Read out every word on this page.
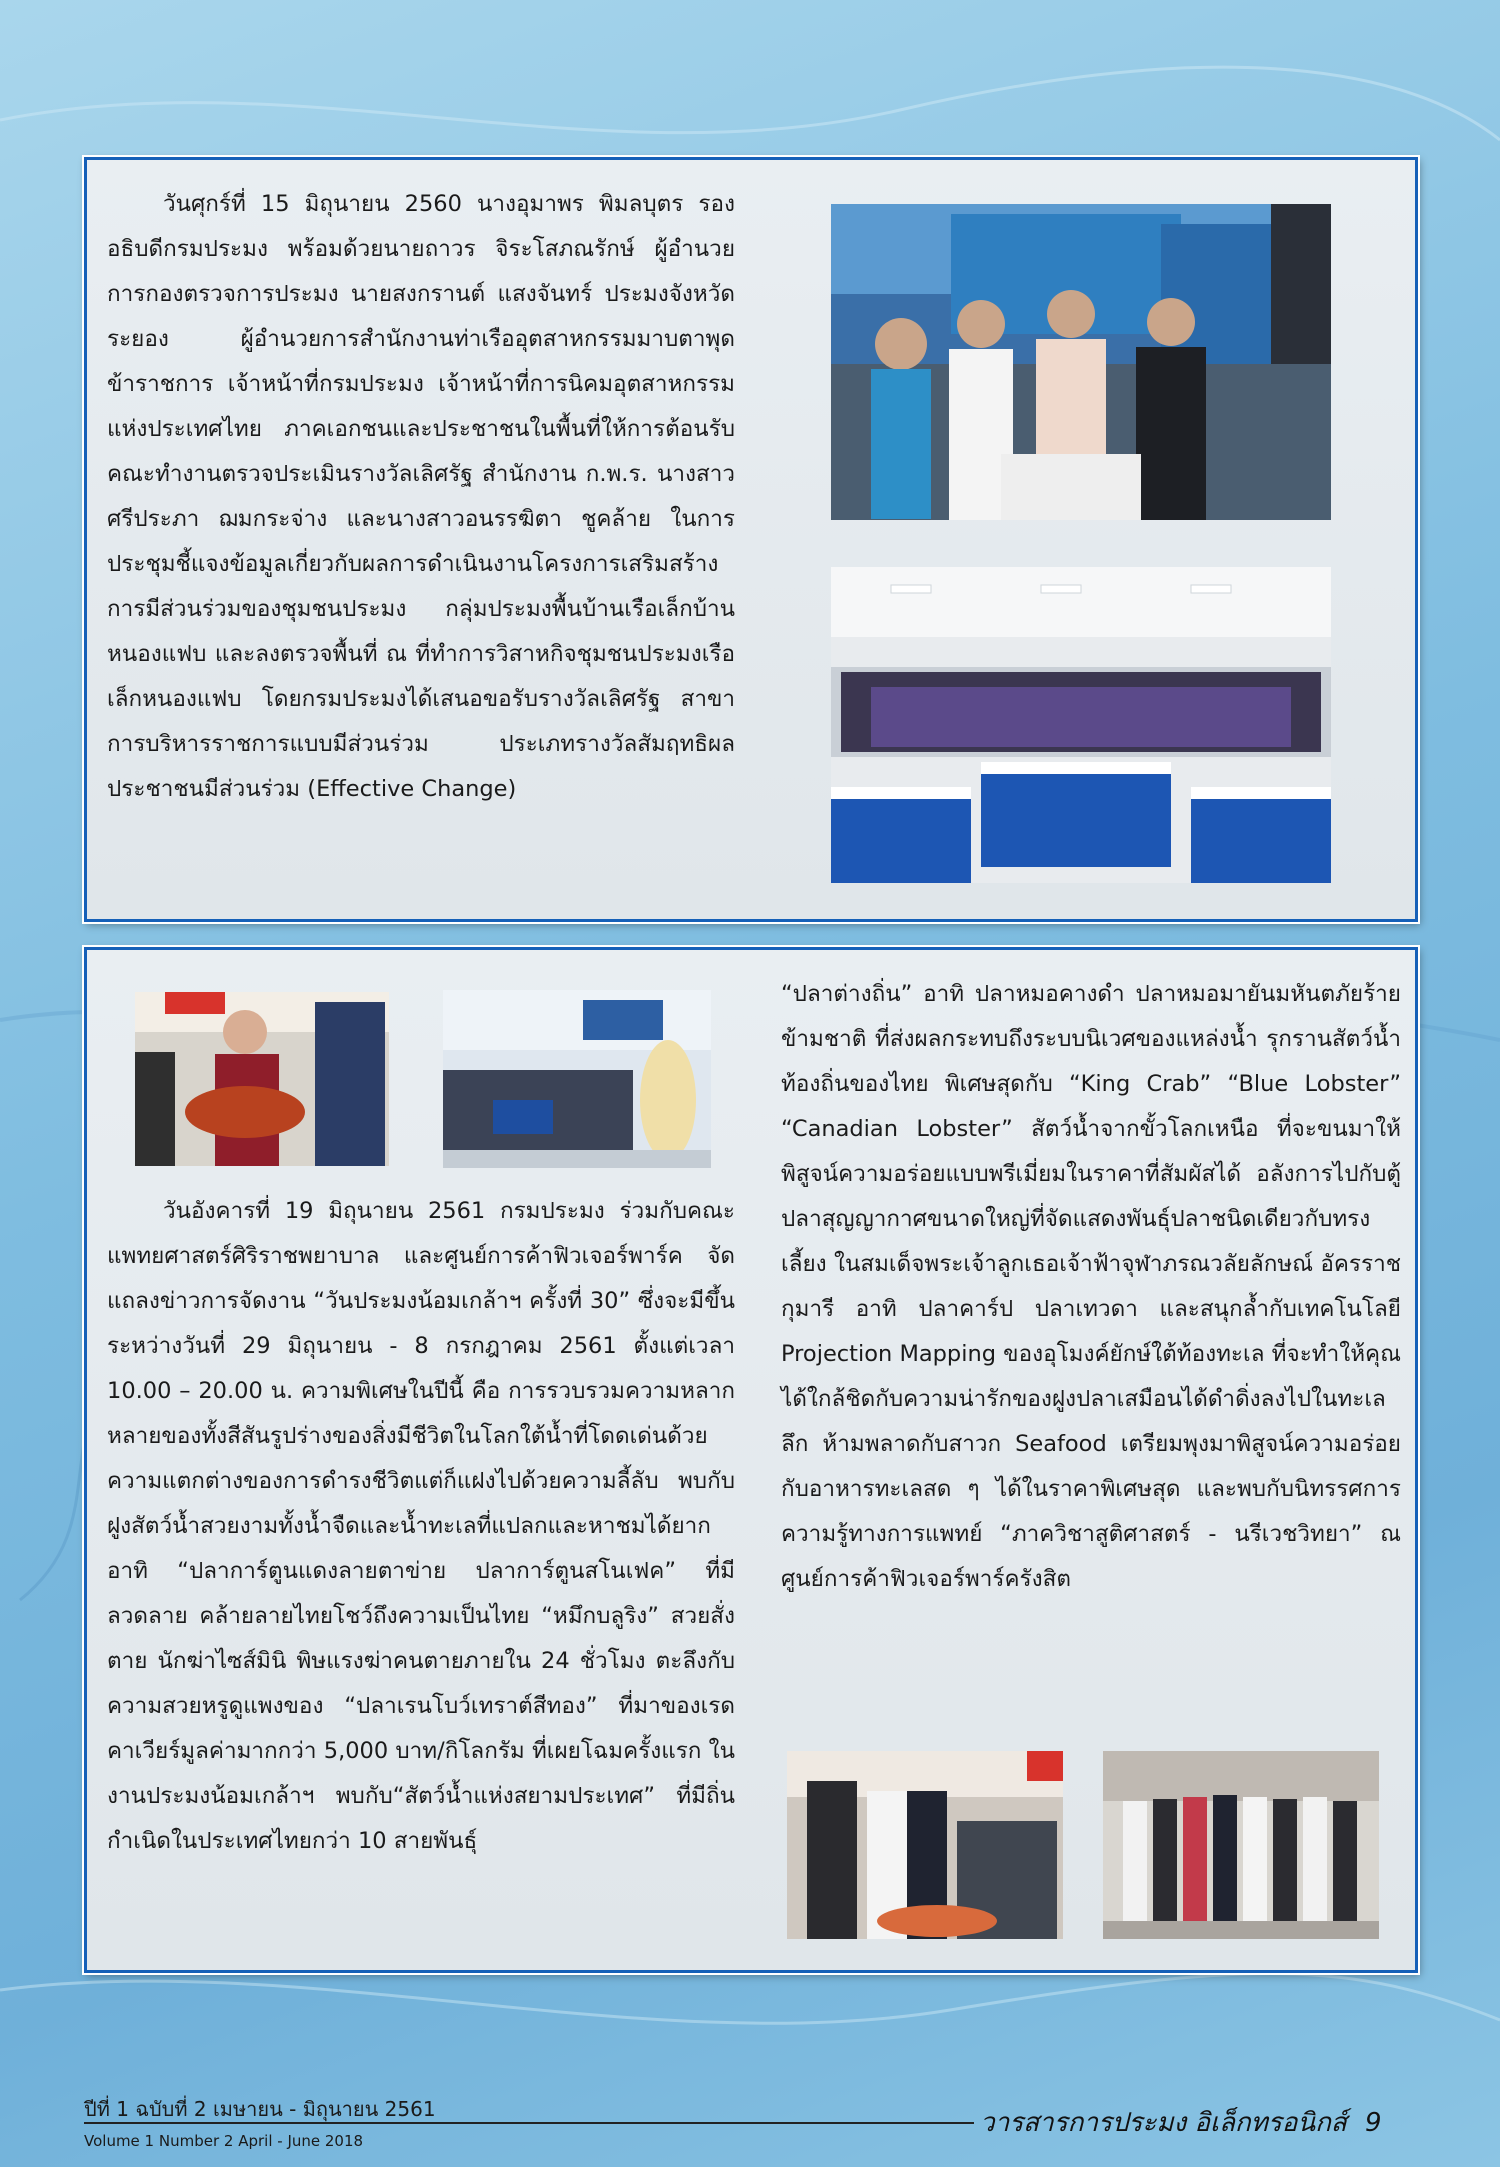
วันศุกร์ที่ 15 มิถุนายน 2560 นางอุมาพร พิมลบุตร รองอธิบดีกรมประมง พร้อมด้วยนายถาวร จิระโสภณรักษ์ ผู้อำนวยการกองตรวจการประมง นายสงกรานต์ แสงจันทร์ ประมงจังหวัดระยอง ผู้อำนวยการสำนักงานท่าเรืออุตสาหกรรมมาบตาพุด ข้าราชการ เจ้าหน้าที่กรมประมง เจ้าหน้าที่การนิคมอุตสาหกรรมแห่งประเทศไทย ภาคเอกชนและประชาชนในพื้นที่ให้การต้อนรับ คณะทำงานตรวจประเมินรางวัลเลิศรัฐ สำนักงาน ก.พ.ร. นางสาวศรีประภา ฌมกระจ่าง และนางสาวอนรรฆิตา ชูคล้าย ในการประชุมชี้แจงข้อมูลเกี่ยวกับผลการดำเนินงานโครงการเสริมสร้างการมีส่วนร่วมของชุมชนประมง กลุ่มประมงพื้นบ้านเรือเล็กบ้านหนองแฟบ และลงตรวจพื้นที่ ณ ที่ทำการวิสาหกิจชุมชนประมงเรือเล็กหนองแฟบ โดยกรมประมงได้เสนอขอรับรางวัลเลิศรัฐ สาขาการบริหารราชการแบบมีส่วนร่วม ประเภทรางวัลสัมฤทธิผลประชาชนมีส่วนร่วม (Effective Change)

วันอังคารที่ 19 มิถุนายน 2561 กรมประมง ร่วมกับคณะแพทยศาสตร์ศิริราชพยาบาล และศูนย์การค้าฟิวเจอร์พาร์ค จัดแถลงข่าวการจัดงาน “วันประมงน้อมเกล้าฯ ครั้งที่ 30” ซึ่งจะมีขึ้นระหว่างวันที่ 29 มิถุนายน - 8 กรกฎาคม 2561 ตั้งแต่เวลา 10.00 – 20.00 น. ความพิเศษในปีนี้ คือ การรวบรวมความหลากหลายของทั้งสีสันรูปร่างของสิ่งมีชีวิตในโลกใต้น้ำที่โดดเด่นด้วยความแตกต่างของการดำรงชีวิตแต่ก็แฝงไปด้วยความลี้ลับ พบกับฝูงสัตว์น้ำสวยงามทั้งน้ำจืดและน้ำทะเลที่แปลกและหาชมได้ยาก อาทิ “ปลาการ์ตูนแดงลายตาข่าย ปลาการ์ตูนสโนเฟค” ที่มีลวดลาย คล้ายลายไทยโชว์ถึงความเป็นไทย “หมึกบลูริง” สวยสั่งตาย นักฆ่าไซส์มินิ พิษแรงฆ่าคนตายภายใน 24 ชั่วโมง ตะลึงกับความสวยหรูดูแพงของ “ปลาเรนโบว์เทราต์สีทอง” ที่มาของเรดคาเวียร์มูลค่ามากกว่า 5,000 บาท/กิโลกรัม ที่เผยโฉมครั้งแรก ในงานประมงน้อมเกล้าฯ พบกับ“สัตว์น้ำแห่งสยามประเทศ” ที่มีถิ่นกำเนิดในประเทศไทยกว่า 10 สายพันธุ์

“ปลาต่างถิ่น” อาทิ ปลาหมอคางดำ ปลาหมอมายันมหันตภัยร้ายข้ามชาติ ที่ส่งผลกระทบถึงระบบนิเวศของแหล่งน้ำ รุกรานสัตว์น้ำท้องถิ่นของไทย พิเศษสุดกับ “King Crab” “Blue Lobster” “Canadian Lobster” สัตว์น้ำจากขั้วโลกเหนือ ที่จะขนมาให้พิสูจน์ความอร่อยแบบพรีเมี่ยมในราคาที่สัมผัสได้ อลังการไปกับตู้ปลาสุญญากาศขนาดใหญ่ที่จัดแสดงพันธุ์ปลาชนิดเดียวกับทรงเลี้ยง ในสมเด็จพระเจ้าลูกเธอเจ้าฟ้าจุฬาภรณวลัยลักษณ์ อัครราชกุมารี อาทิ ปลาคาร์ป ปลาเทวดา และสนุกล้ำกับเทคโนโลยี Projection Mapping ของอุโมงค์ยักษ์ใต้ท้องทะเล ที่จะทำให้คุณได้ใกล้ชิดกับความน่ารักของฝูงปลาเสมือนได้ดำดิ่งลงไปในทะเลลึก ห้ามพลาดกับสาวก Seafood เตรียมพุงมาพิสูจน์ความอร่อยกับอาหารทะเลสด ๆ ได้ในราคาพิเศษสุด และพบกับนิทรรศการความรู้ทางการแพทย์ “ภาควิชาสูติศาสตร์ - นรีเวชวิทยา” ณ ศูนย์การค้าฟิวเจอร์พาร์ครังสิต

ปีที่ 1 ฉบับที่ 2 เมษายน - มิถุนายน 2561
Volume 1 Number 2 April - June 2018
วารสารการประมง อิเล็กทรอนิกส์ 9
